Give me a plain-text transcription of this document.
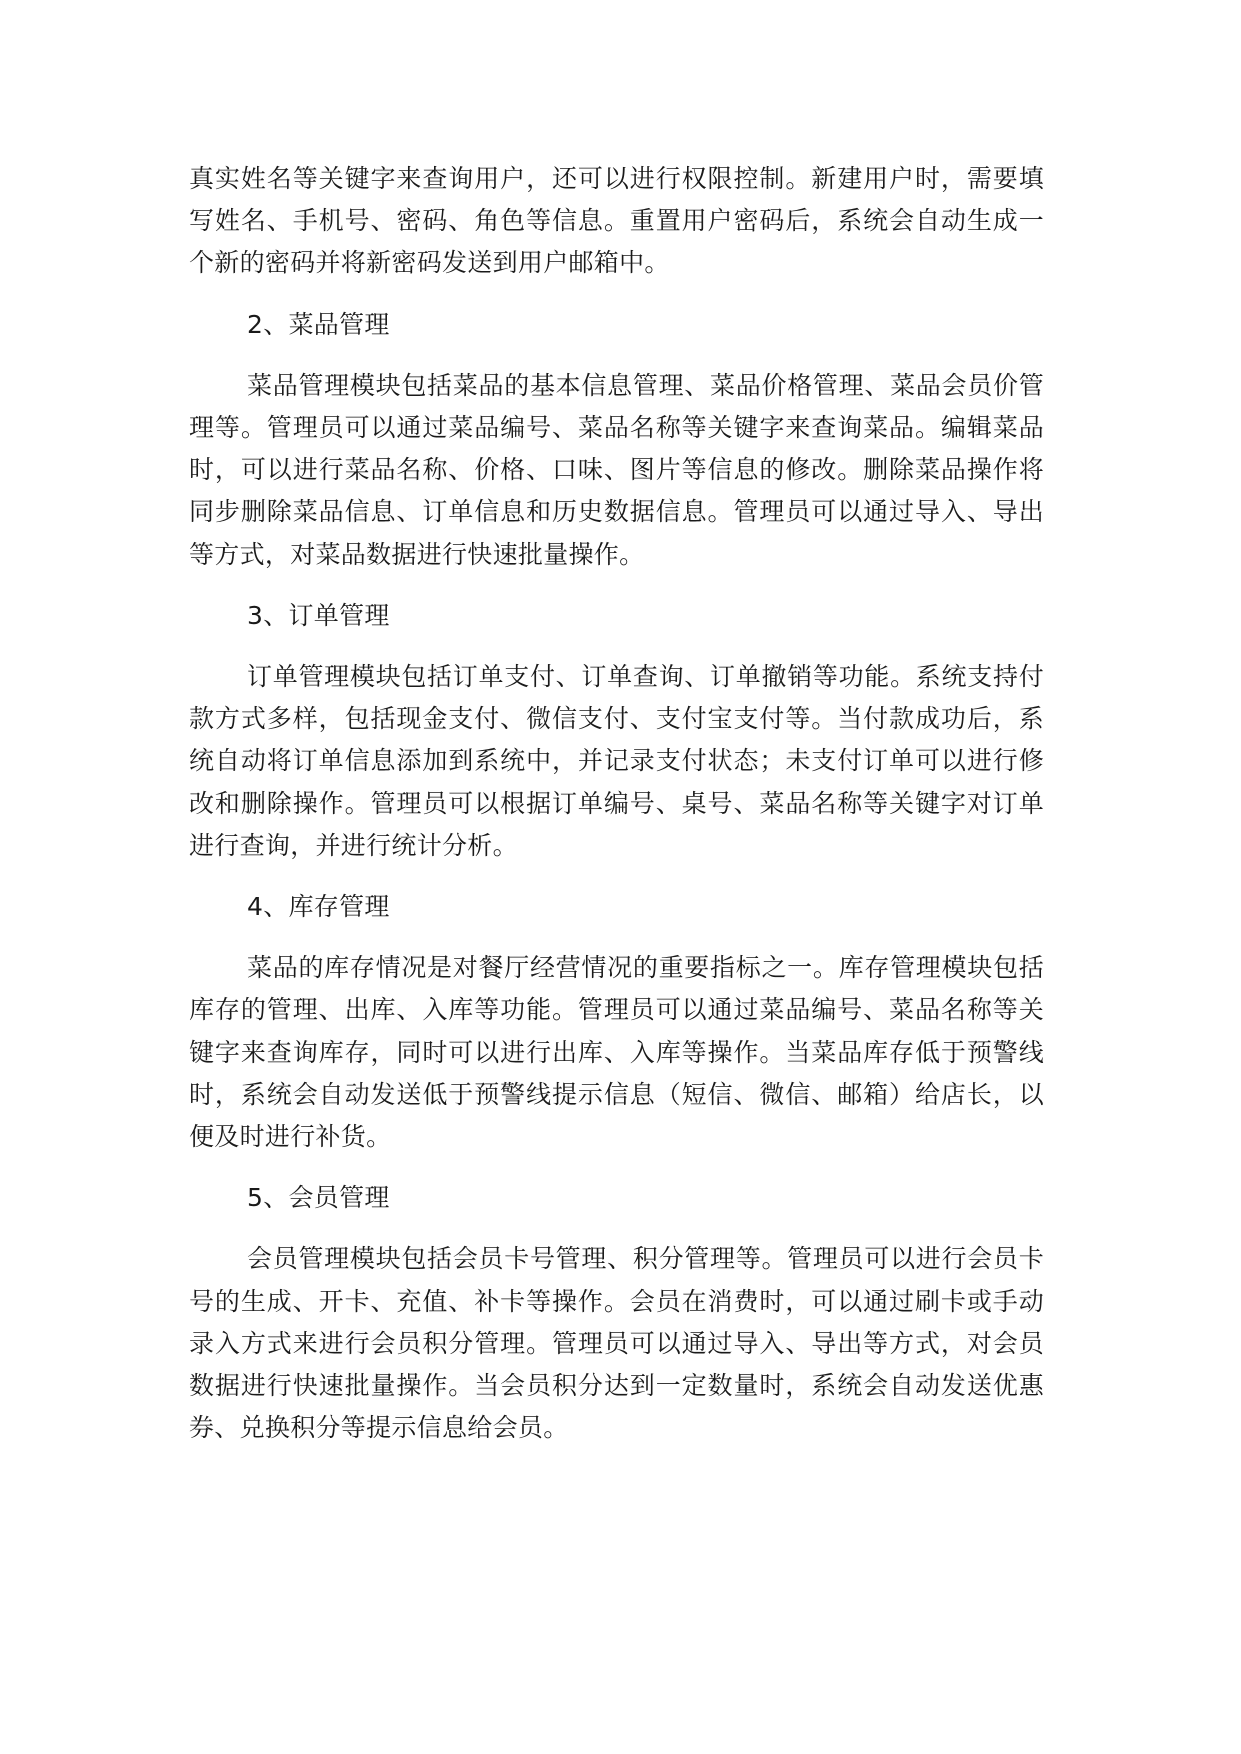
真实姓名等关键字来查询用户，还可以进行权限控制。新建用户时，需要填写姓名、手机号、密码、角色等信息。重置用户密码后，系统会自动生成一个新的密码并将新密码发送到用户邮箱中。

2、菜品管理

菜品管理模块包括菜品的基本信息管理、菜品价格管理、菜品会员价管理等。管理员可以通过菜品编号、菜品名称等关键字来查询菜品。编辑菜品时，可以进行菜品名称、价格、口味、图片等信息的修改。删除菜品操作将同步删除菜品信息、订单信息和历史数据信息。管理员可以通过导入、导出等方式，对菜品数据进行快速批量操作。

3、订单管理

订单管理模块包括订单支付、订单查询、订单撤销等功能。系统支持付款方式多样，包括现金支付、微信支付、支付宝支付等。当付款成功后，系统自动将订单信息添加到系统中，并记录支付状态；未支付订单可以进行修改和删除操作。管理员可以根据订单编号、桌号、菜品名称等关键字对订单进行查询，并进行统计分析。

4、库存管理

菜品的库存情况是对餐厅经营情况的重要指标之一。库存管理模块包括库存的管理、出库、入库等功能。管理员可以通过菜品编号、菜品名称等关键字来查询库存，同时可以进行出库、入库等操作。当菜品库存低于预警线时，系统会自动发送低于预警线提示信息（短信、微信、邮箱）给店长，以便及时进行补货。

5、会员管理

会员管理模块包括会员卡号管理、积分管理等。管理员可以进行会员卡号的生成、开卡、充值、补卡等操作。会员在消费时，可以通过刷卡或手动录入方式来进行会员积分管理。管理员可以通过导入、导出等方式，对会员数据进行快速批量操作。当会员积分达到一定数量时，系统会自动发送优惠券、兑换积分等提示信息给会员。
